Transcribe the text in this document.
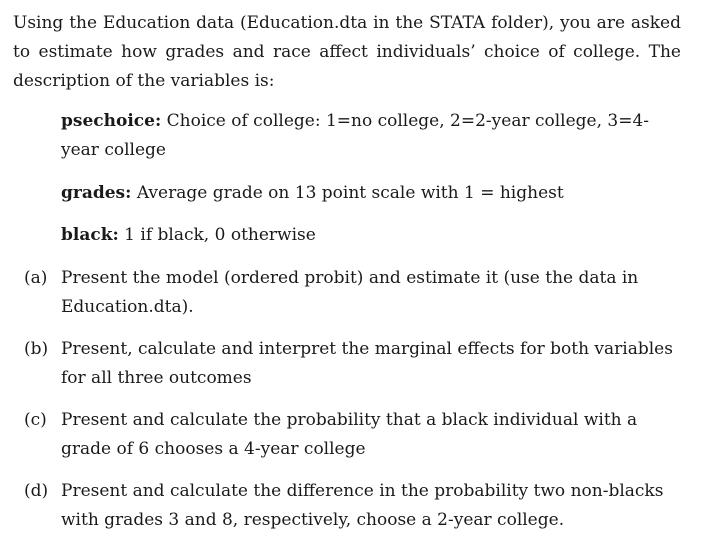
Using the Education data (Education.dta in the STATA folder), you are asked to estimate how grades and race affect individuals’ choice of college. The description of the variables is:

psechoice: Choice of college: 1=no college, 2=2-year college, 3=4-year college
grades: Average grade on 13 point scale with 1 = highest
black: 1 if black, 0 otherwise
(a) Present the model (ordered probit) and estimate it (use the data in Education.dta).
(b) Present, calculate and interpret the marginal effects for both variables for all three outcomes
(c) Present and calculate the probability that a black individual with a grade of 6 chooses a 4-year college
(d) Present and calculate the difference in the probability two non-blacks with grades 3 and 8, respectively, choose a 2-year college.
